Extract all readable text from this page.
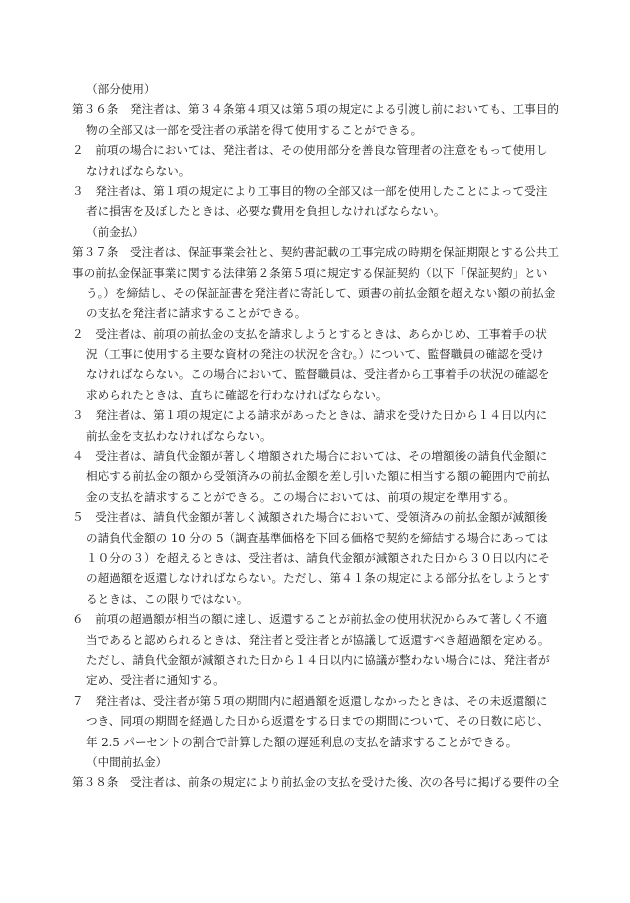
（部分使用）
第３６条　発注者は、第３４条第４項又は第５項の規定による引渡し前においても、工事目的
物の全部又は一部を受注者の承諾を得て使用することができる。
２　前項の場合においては、発注者は、その使用部分を善良な管理者の注意をもって使用し
なければならない。
３　発注者は、第１項の規定により工事目的物の全部又は一部を使用したことによって受注
者に損害を及ぼしたときは、必要な費用を負担しなければならない。
（前金払）
第３７条　受注者は、保証事業会社と、契約書記載の工事完成の時期を保証期限とする公共工
事の前払金保証事業に関する法律第２条第５項に規定する保証契約（以下「保証契約」とい
う。）を締結し、その保証証書を発注者に寄託して、頭書の前払金額を超えない額の前払金
の支払を発注者に請求することができる。
２　受注者は、前項の前払金の支払を請求しようとするときは、あらかじめ、工事着手の状
況（工事に使用する主要な資材の発注の状況を含む。）について、監督職員の確認を受け
なければならない。この場合において、監督職員は、受注者から工事着手の状況の確認を
求められたときは、直ちに確認を行わなければならない。
３　発注者は、第１項の規定による請求があったときは、請求を受けた日から１４日以内に
前払金を支払わなければならない。
４　受注者は、請負代金額が著しく増額された場合においては、その増額後の請負代金額に
相応する前払金の額から受領済みの前払金額を差し引いた額に相当する額の範囲内で前払
金の支払を請求することができる。この場合においては、前項の規定を準用する。
５　受注者は、請負代金額が著しく減額された場合において、受領済みの前払金額が減額後
の請負代金額の 10 分の 5（調査基準価格を下回る価格で契約を締結する場合にあっては
１０分の３）を超えるときは、受注者は、請負代金額が減額された日から３０日以内にそ
の超過額を返還しなければならない。ただし、第４１条の規定による部分払をしようとす
るときは、この限りではない。
６　前項の超過額が相当の額に達し、返還することが前払金の使用状況からみて著しく不適
当であると認められるときは、発注者と受注者とが協議して返還すべき超過額を定める。
ただし、請負代金額が減額された日から１４日以内に協議が整わない場合には、発注者が
定め、受注者に通知する。
７　発注者は、受注者が第５項の期間内に超過額を返還しなかったときは、その未返還額に
つき、同項の期間を経過した日から返還をする日までの期間について、その日数に応じ、
年 2.5 パーセントの割合で計算した額の遅延利息の支払を請求することができる。
（中間前払金）
第３８条　受注者は、前条の規定により前払金の支払を受けた後、次の各号に掲げる要件の全
